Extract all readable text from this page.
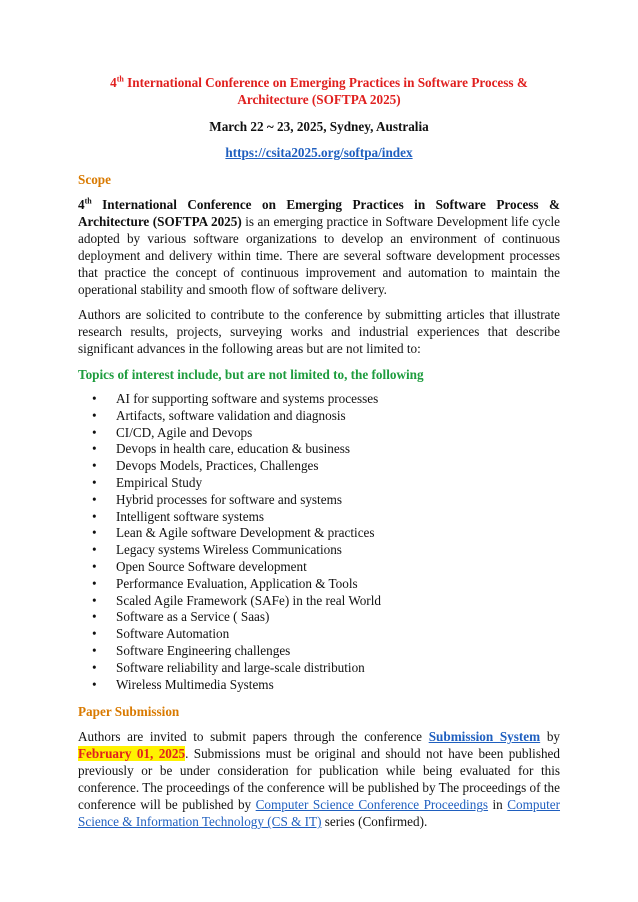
4th International Conference on Emerging Practices in Software Process & Architecture (SOFTPA 2025)

March 22 ~ 23, 2025, Sydney, Australia

https://csita2025.org/softpa/index

Scope

4th International Conference on Emerging Practices in Software Process & Architecture (SOFTPA 2025) is an emerging practice in Software Development life cycle adopted by various software organizations to develop an environment of continuous deployment and delivery within time. There are several software development processes that practice the concept of continuous improvement and automation to maintain the operational stability and smooth flow of software delivery.

Authors are solicited to contribute to the conference by submitting articles that illustrate research results, projects, surveying works and industrial experiences that describe significant advances in the following areas but are not limited to:

Topics of interest include, but are not limited to, the following

• AI for supporting software and systems processes
• Artifacts, software validation and diagnosis
• CI/CD, Agile and Devops
• Devops in health care, education & business
• Devops Models, Practices, Challenges
• Empirical Study
• Hybrid processes for software and systems
• Intelligent software systems
• Lean & Agile software Development & practices
• Legacy systems Wireless Communications
• Open Source Software development
• Performance Evaluation, Application & Tools
• Scaled Agile Framework (SAFe) in the real World
• Software as a Service ( Saas)
• Software Automation
• Software Engineering challenges
• Software reliability and large-scale distribution
• Wireless Multimedia Systems

Paper Submission

Authors are invited to submit papers through the conference Submission System by February 01, 2025. Submissions must be original and should not have been published previously or be under consideration for publication while being evaluated for this conference. The proceedings of the conference will be published by The proceedings of the conference will be published by Computer Science Conference Proceedings in Computer Science & Information Technology (CS & IT) series (Confirmed).
